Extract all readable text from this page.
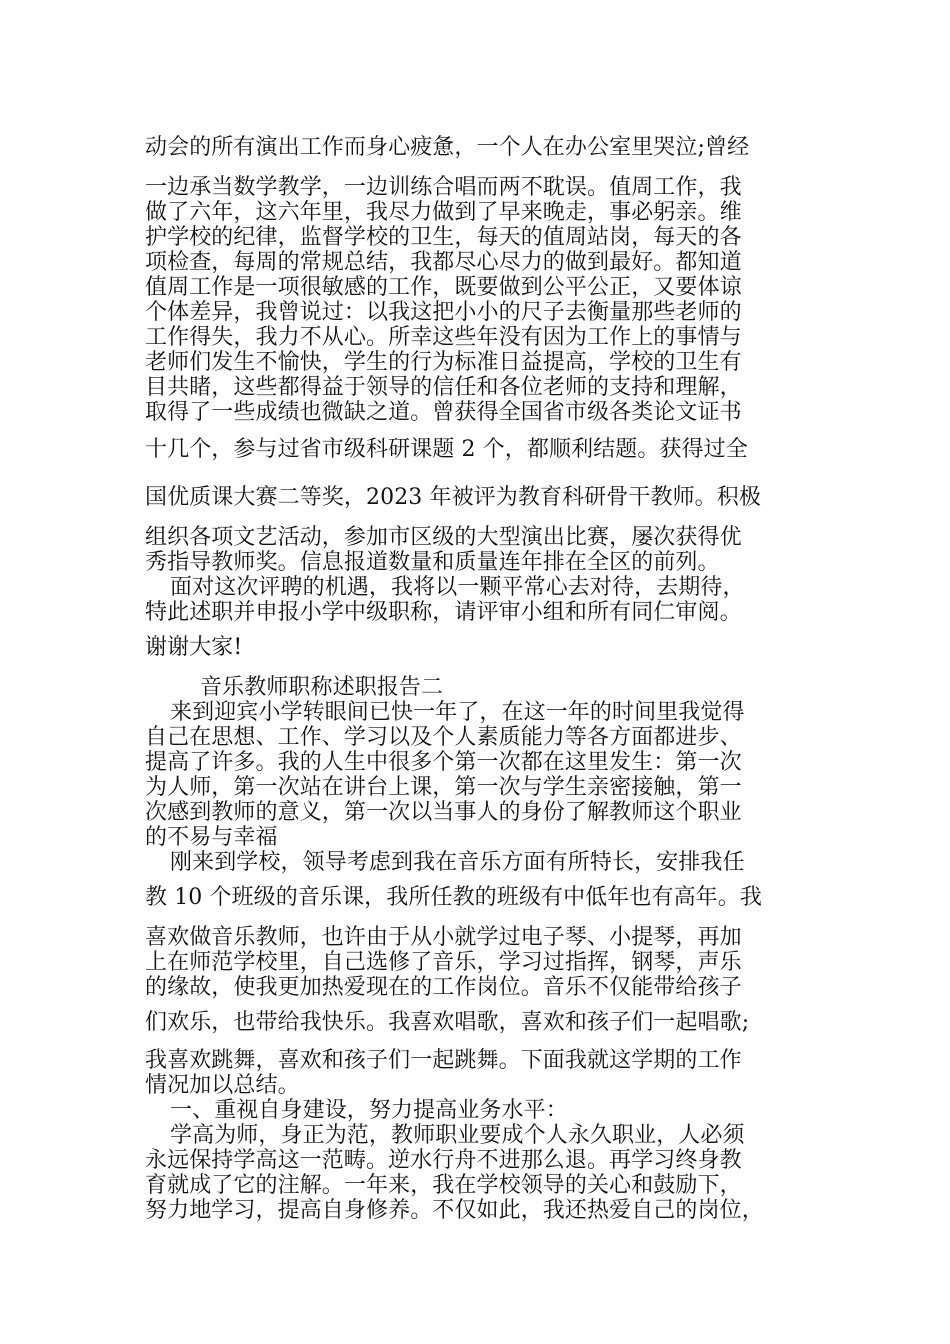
动会的所有演出工作而身心疲惫，一个人在办公室里哭泣;曾经
一边承当数学教学，一边训练合唱而两不耽误。值周工作，我
做了六年，这六年里，我尽力做到了早来晚走，事必躬亲。维
护学校的纪律，监督学校的卫生，每天的值周站岗，每天的各
项检查，每周的常规总结，我都尽心尽力的做到最好。都知道
值周工作是一项很敏感的工作，既要做到公平公正，又要体谅
个体差异，我曾说过：以我这把小小的尺子去衡量那些老师的
工作得失，我力不从心。所幸这些年没有因为工作上的事情与
老师们发生不愉快，学生的行为标准日益提高，学校的卫生有
目共睹，这些都得益于领导的信任和各位老师的支持和理解，
取得了一些成绩也微缺之道。曾获得全国省市级各类论文证书
十几个，参与过省市级科研课题 2 个，都顺利结题。获得过全
国优质课大赛二等奖，2023 年被评为教育科研骨干教师。积极
组织各项文艺活动，参加市区级的大型演出比赛，屡次获得优
秀指导教师奖。信息报道数量和质量连年排在全区的前列。
面对这次评聘的机遇，我将以一颗平常心去对待，去期待，
特此述职并申报小学中级职称，请评审小组和所有同仁审阅。
谢谢大家!
音乐教师职称述职报告二
来到迎宾小学转眼间已快一年了，在这一年的时间里我觉得
自己在思想、工作、学习以及个人素质能力等各方面都进步、
提高了许多。我的人生中很多个第一次都在这里发生：第一次
为人师，第一次站在讲台上课，第一次与学生亲密接触，第一
次感到教师的意义，第一次以当事人的身份了解教师这个职业
的不易与幸福
刚来到学校，领导考虑到我在音乐方面有所特长，安排我任
教 10 个班级的音乐课，我所任教的班级有中低年也有高年。我
喜欢做音乐教师，也许由于从小就学过电子琴、小提琴，再加
上在师范学校里，自己选修了音乐，学习过指挥，钢琴，声乐
的缘故，使我更加热爱现在的工作岗位。音乐不仅能带给孩子
们欢乐，也带给我快乐。我喜欢唱歌，喜欢和孩子们一起唱歌;
我喜欢跳舞，喜欢和孩子们一起跳舞。下面我就这学期的工作
情况加以总结。
一、重视自身建设，努力提高业务水平：
学高为师，身正为范，教师职业要成个人永久职业，人必须
永远保持学高这一范畴。逆水行舟不进那么退。再学习终身教
育就成了它的注解。一年来，我在学校领导的关心和鼓励下，
努力地学习，提高自身修养。不仅如此，我还热爱自己的岗位，
